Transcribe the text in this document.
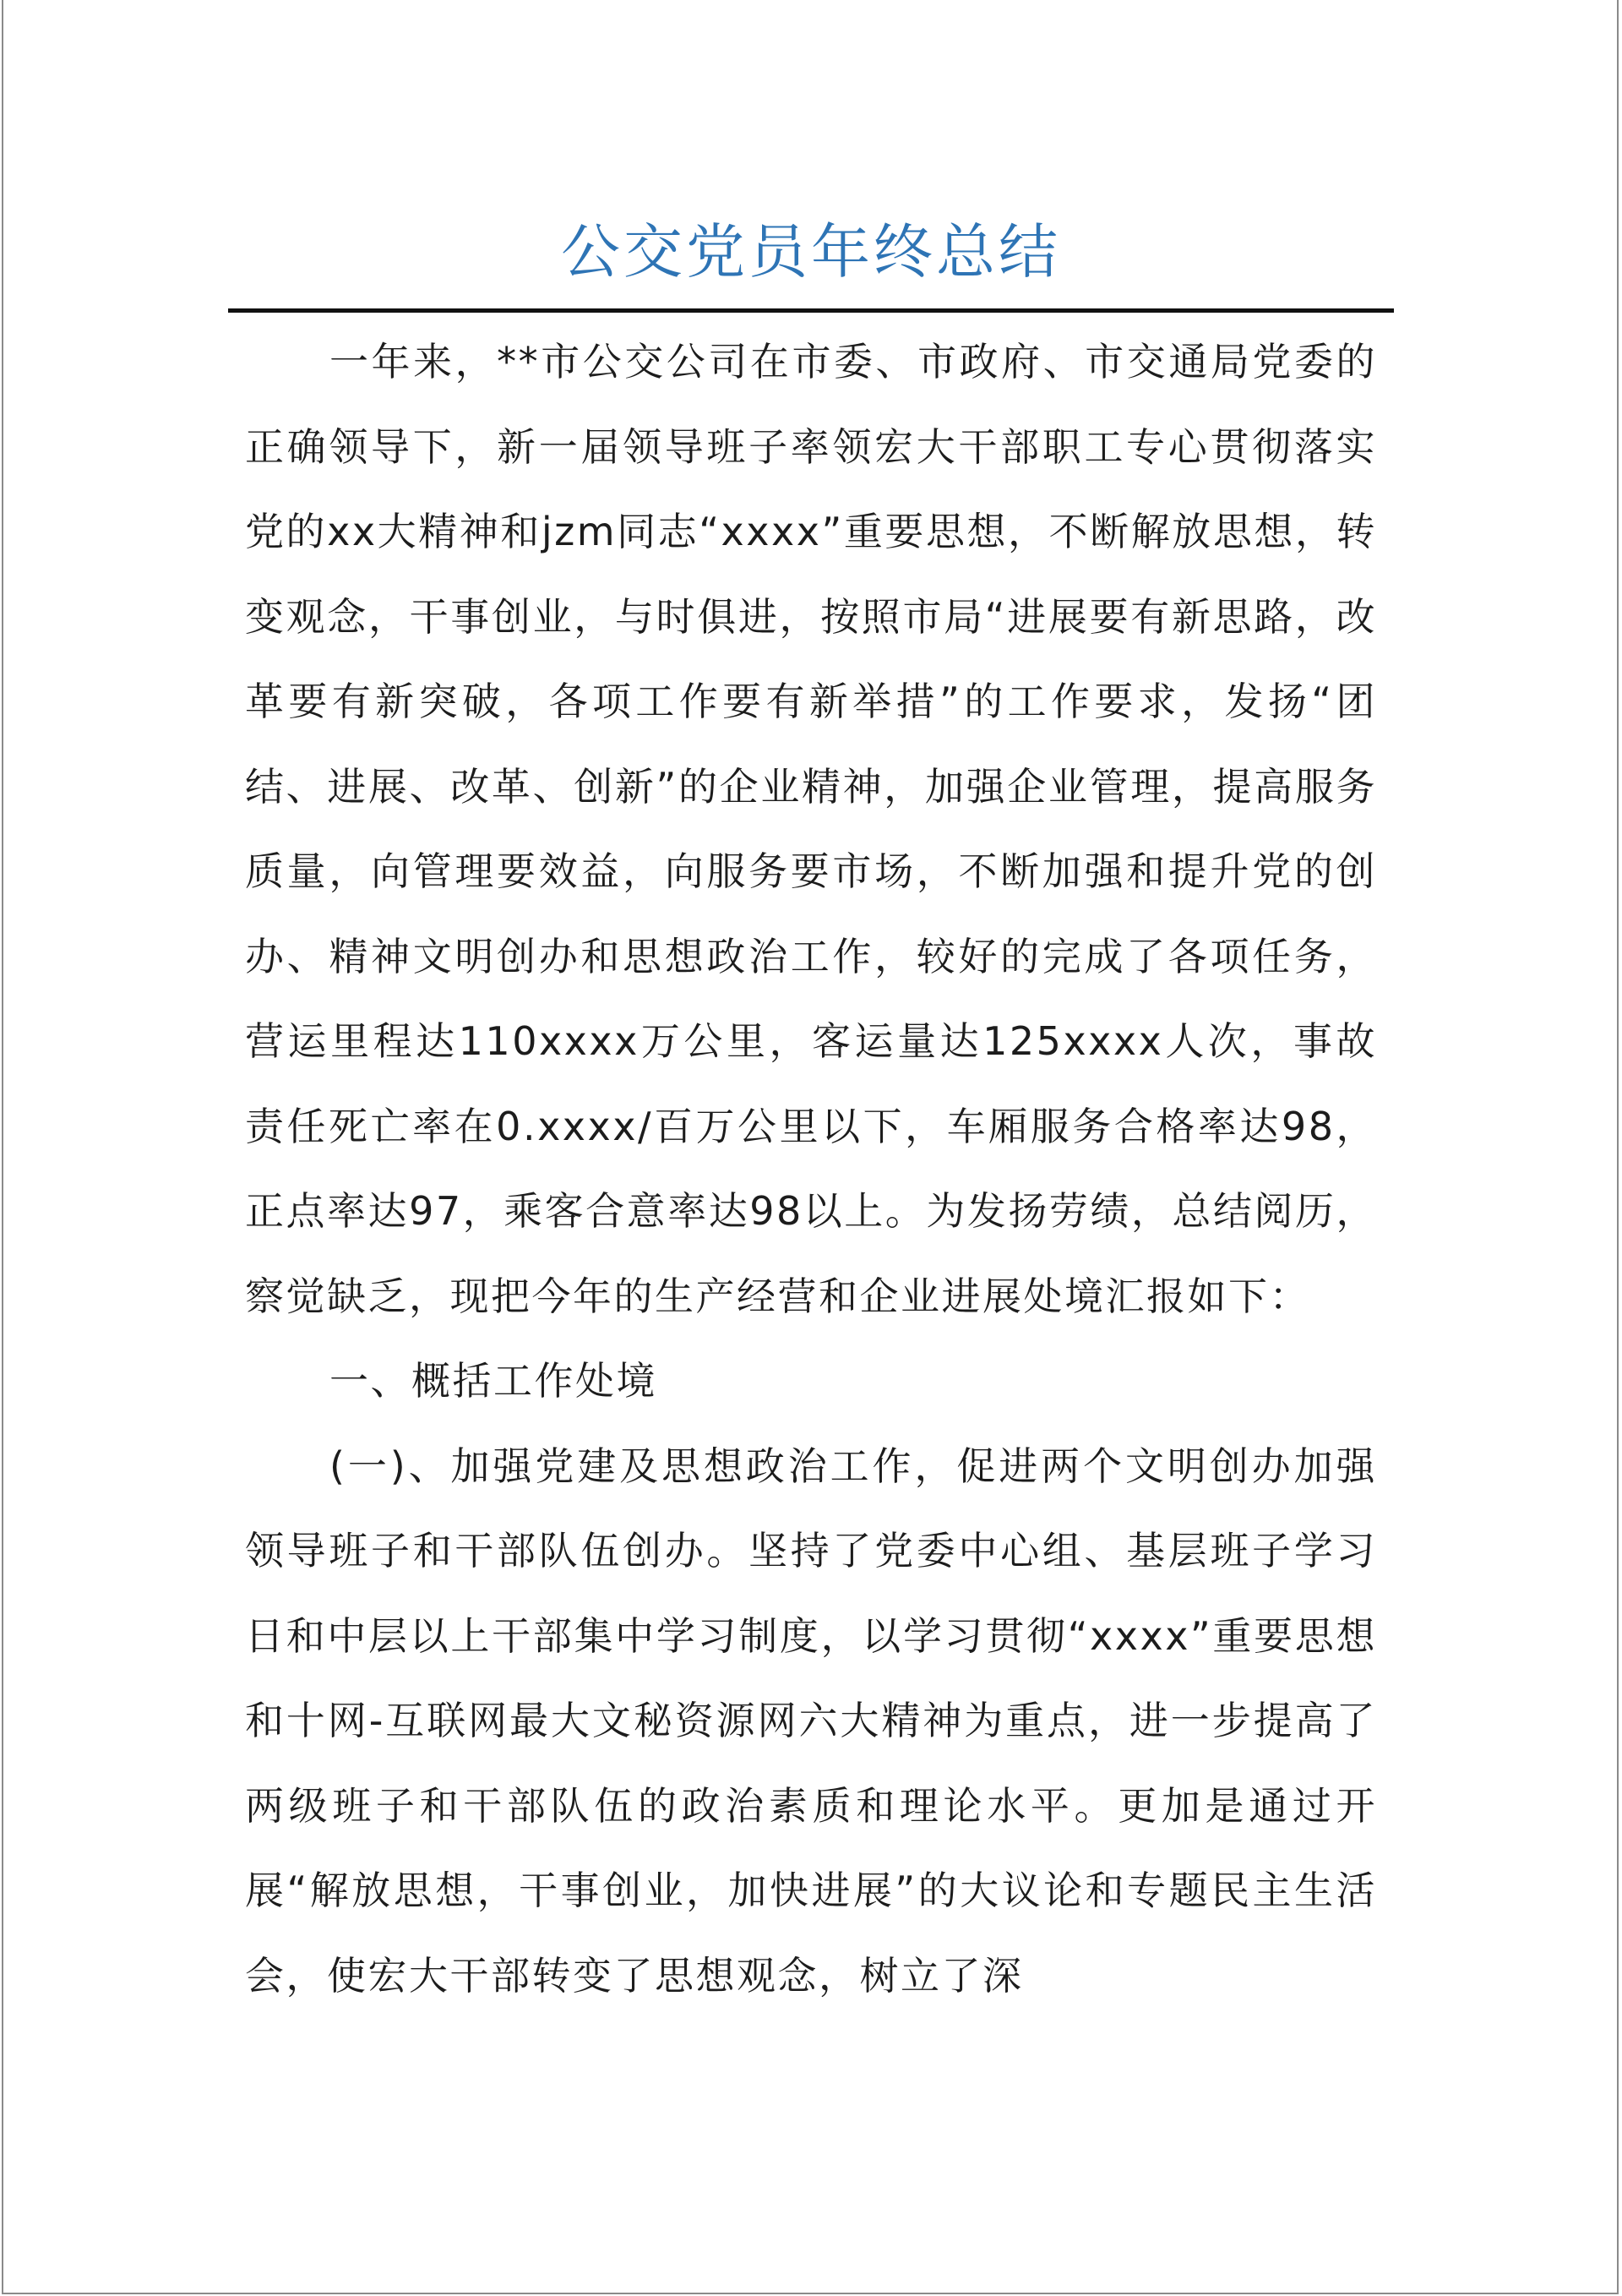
公交党员年终总结

一年来，**市公交公司在市委、市政府、市交通局党委的正确领导下，新一届领导班子率领宏大干部职工专心贯彻落实党的xx大精神和jzm同志“xxxx”重要思想，不断解放思想，转变观念，干事创业，与时俱进，按照市局“进展要有新思路，改革要有新突破，各项工作要有新举措”的工作要求，发扬“团结、进展、改革、创新”的企业精神，加强企业管理，提高服务质量，向管理要效益，向服务要市场，不断加强和提升党的创办、精神文明创办和思想政治工作，较好的完成了各项任务，营运里程达110xxxx万公里，客运量达125xxxx人次，事故责任死亡率在0.xxxx/百万公里以下，车厢服务合格率达98，正点率达97，乘客合意率达98以上。为发扬劳绩，总结阅历，察觉缺乏，现把今年的生产经营和企业进展处境汇报如下：

一、概括工作处境

(一)、加强党建及思想政治工作，促进两个文明创办加强领导班子和干部队伍创办。坚持了党委中心组、基层班子学习日和中层以上干部集中学习制度，以学习贯彻“xxxx”重要思想和十网-互联网最大文秘资源网六大精神为重点，进一步提高了两级班子和干部队伍的政治素质和理论水平。更加是通过开展“解放思想，干事创业，加快进展”的大议论和专题民主生活会，使宏大干部转变了思想观念，树立了深
